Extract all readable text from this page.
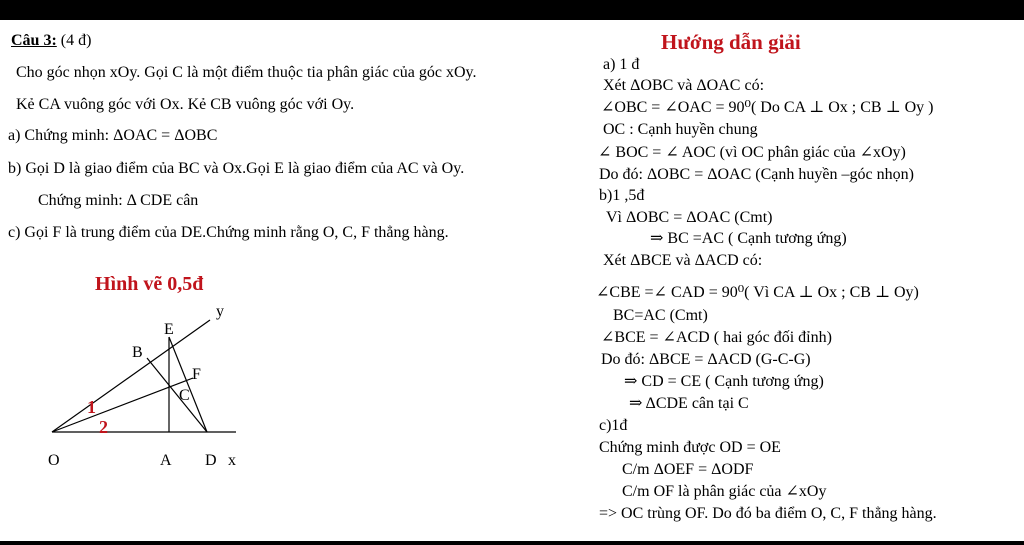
Câu 3: (4 đ)
Cho góc nhọn xOy. Gọi C là một điểm thuộc tia phân giác của góc xOy.
Kẻ CA vuông góc với Ox. Kẻ CB vuông góc với Oy.
a) Chứng minh: ΔOAC = ΔOBC
b) Gọi D là giao điểm của BC và Ox.Gọi E là giao điểm của AC và Oy.
Chứng minh: Δ CDE cân
c) Gọi F là trung điểm của DE.Chứng minh rằng O, C, F thẳng hàng.
Hình vẽ 0,5đ
y
E
B
F
C
1
2
O	A D x
Hướng dẫn giải
a) 1 đ
Xét ΔOBC và ΔOAC có:
∠OBC = ∠OAC = 90⁰( Do CA ⊥ Ox ; CB ⊥ Oy )
OC : Cạnh huyền chung
∠ BOC = ∠ AOC (vì OC phân giác của ∠xOy)
Do đó: ΔOBC = ΔOAC (Cạnh huyền –góc nhọn)
b)1 ,5đ
Vì ΔOBC = ΔOAC (Cmt)
⇒ BC =AC ( Cạnh tương ứng)
Xét ΔBCE và ΔACD có:
∠CBE =∠ CAD = 90⁰( Vì CA ⊥ Ox ; CB ⊥ Oy)
BC=AC (Cmt)
∠BCE = ∠ACD ( hai góc đối đỉnh)
Do đó: ΔBCE = ΔACD (G-C-G)
⇒ CD = CE ( Cạnh tương ứng)
⇒ ΔCDE cân tại C
c)1đ
Chứng minh được OD = OE
C/m ΔOEF = ΔODF
C/m OF là phân giác của ∠xOy
=> OC trùng OF. Do đó ba điểm O, C, F thẳng hàng.
